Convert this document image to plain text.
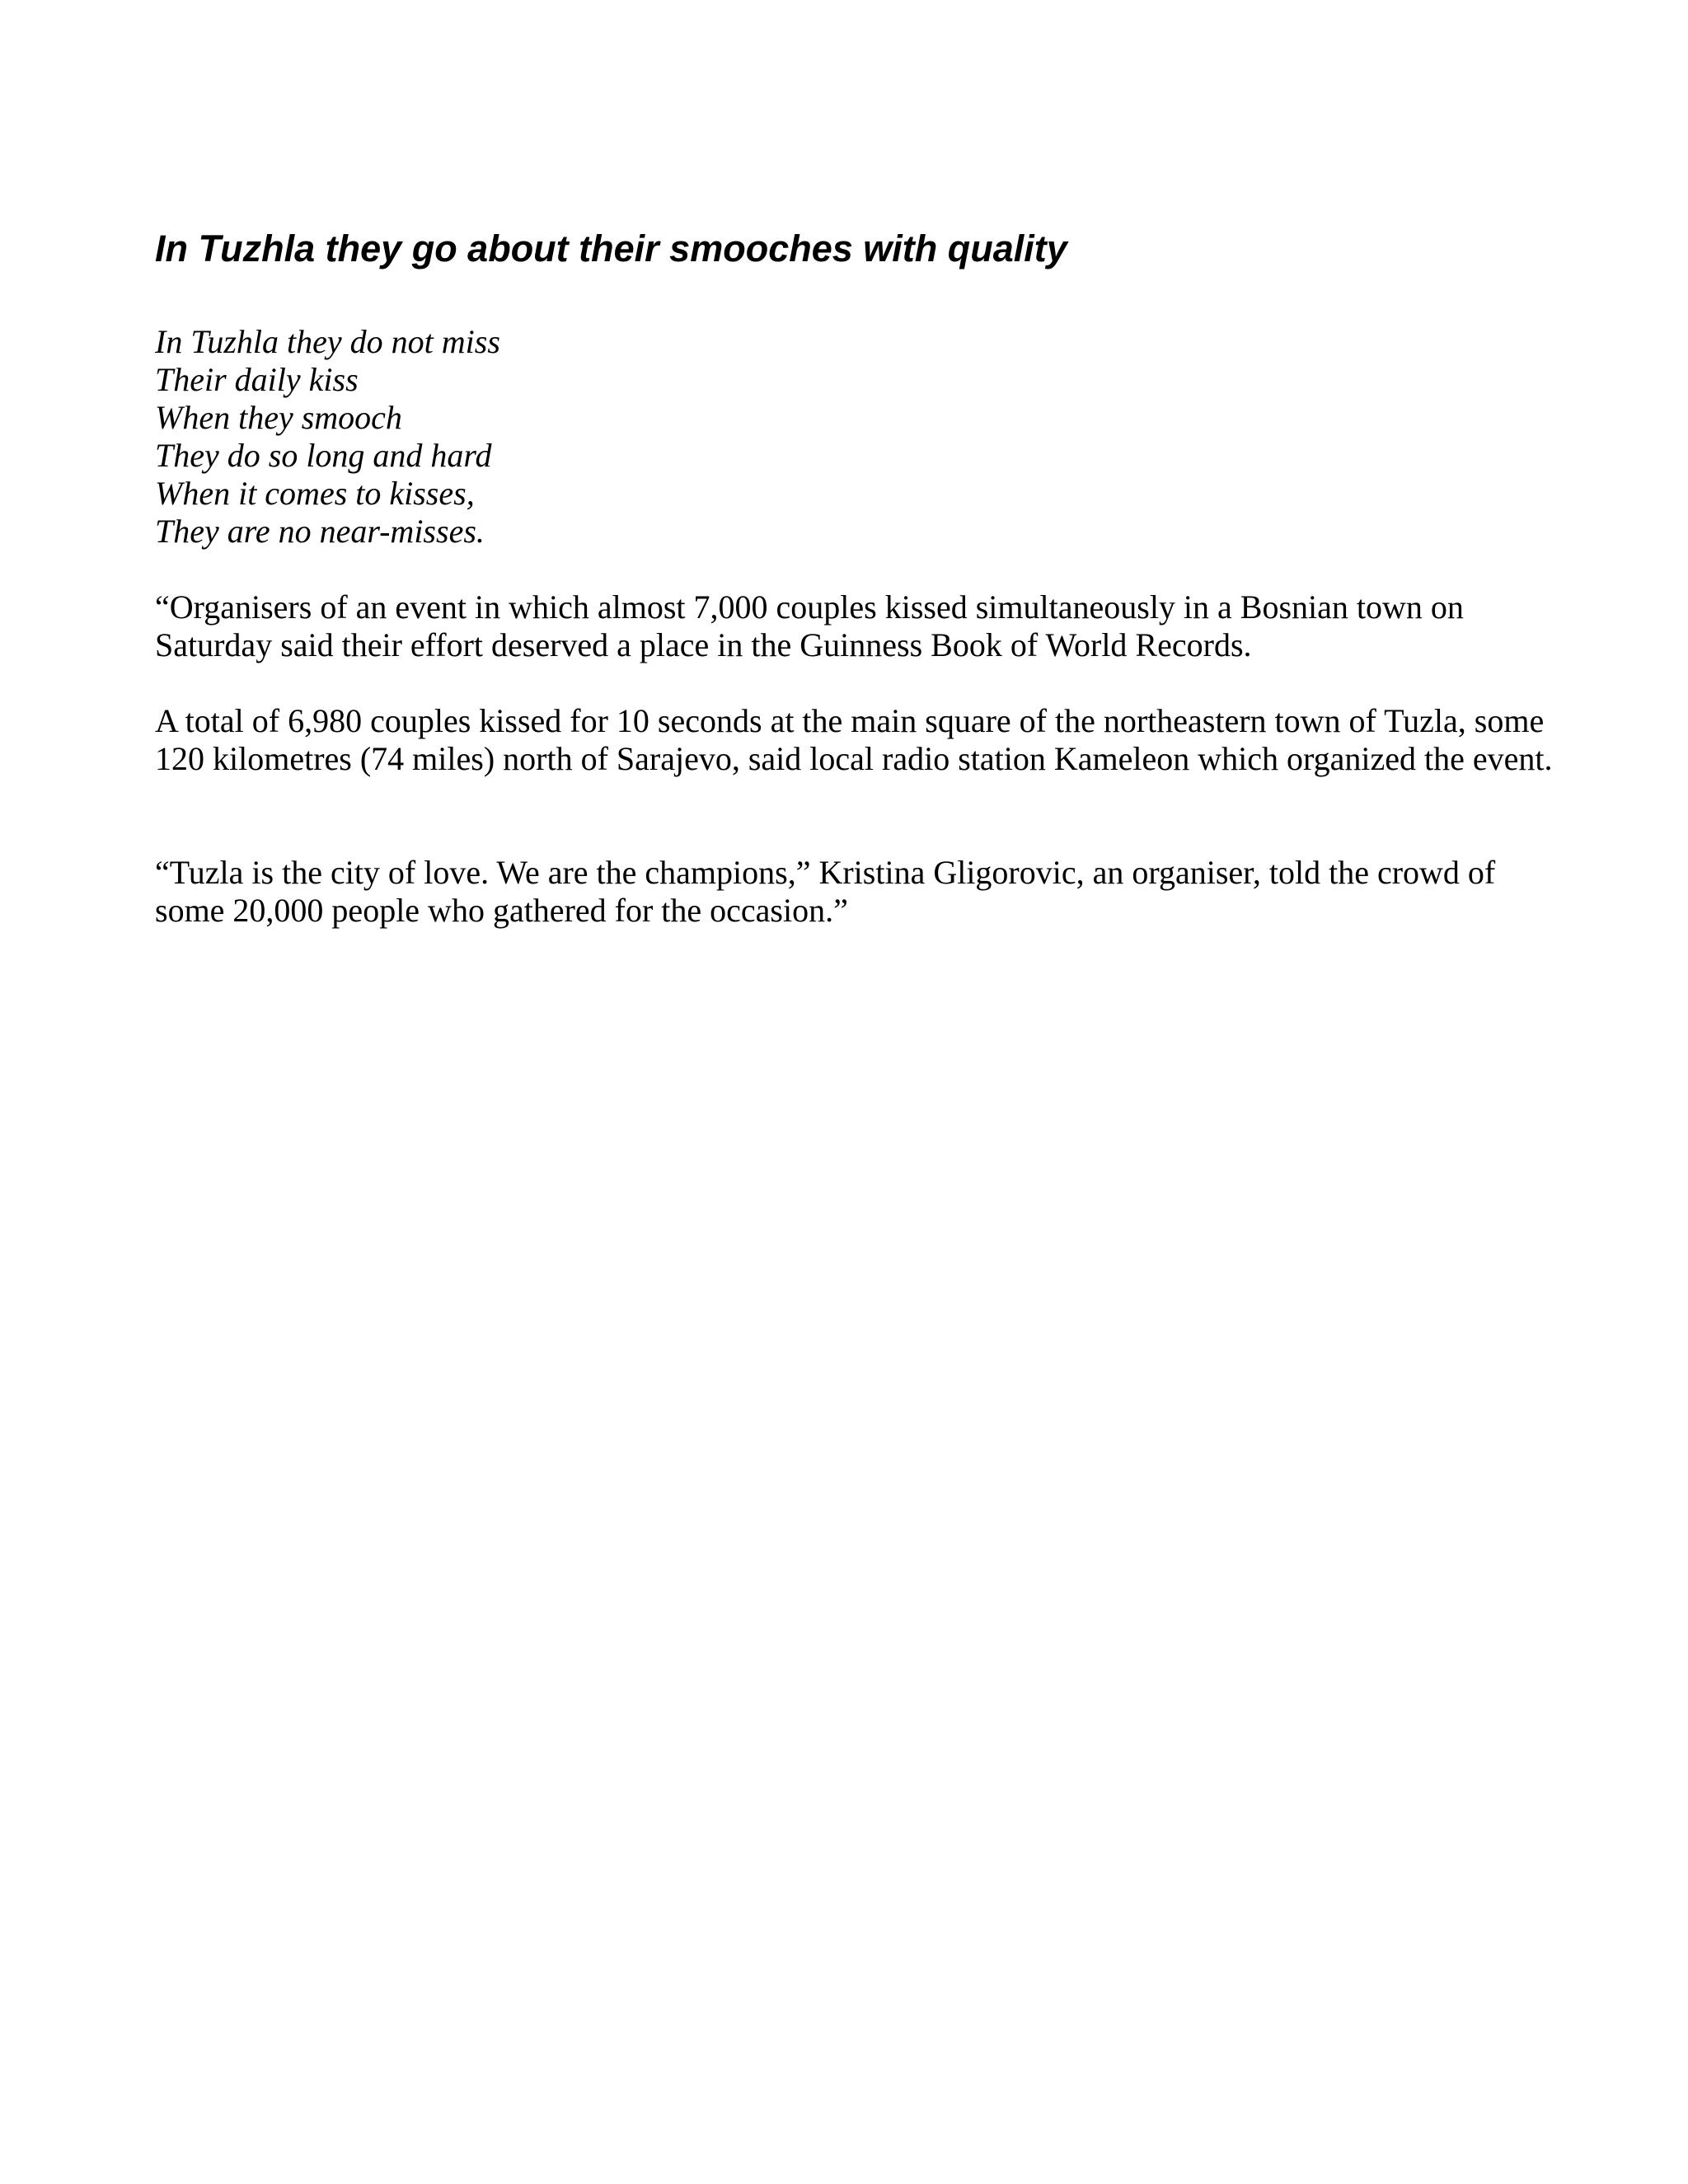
In Tuzhla they go about their smooches with quality
In Tuzhla they do not miss
Their daily kiss
When they smooch
They do so long and hard
When it comes to kisses,
They are no near-misses.

“Organisers of an event in which almost 7,000 couples kissed simultaneously in a Bosnian town on Saturday said their effort deserved a place in the Guinness Book of World Records.

A total of 6,980 couples kissed for 10 seconds at the main square of the northeastern town of Tuzla, some 120 kilometres (74 miles) north of Sarajevo, said local radio station Kameleon which organized the event.

“Tuzla is the city of love. We are the champions,” Kristina Gligorovic, an organiser, told the crowd of some 20,000 people who gathered for the occasion.”
